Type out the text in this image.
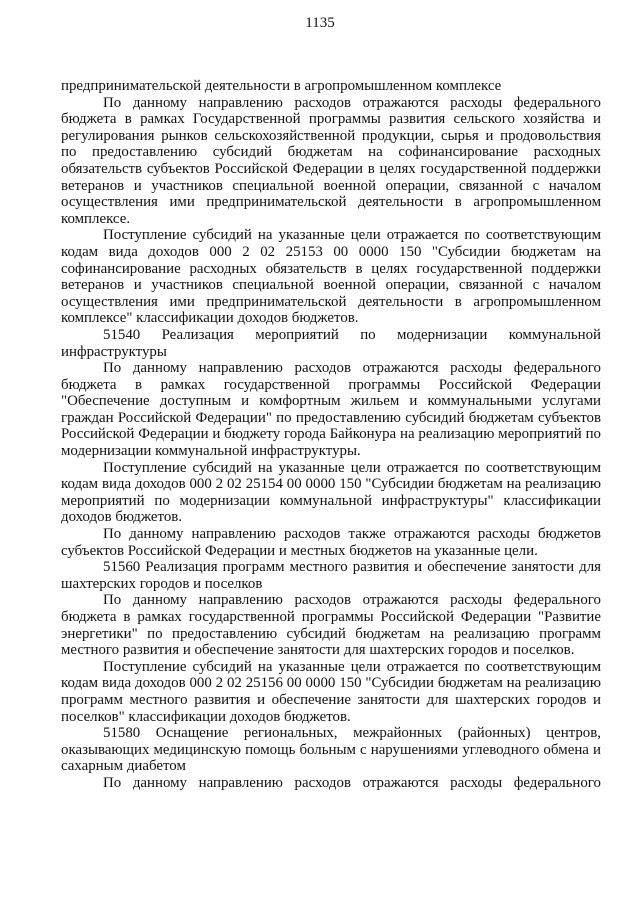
1135

предпринимательской деятельности в агропромышленном комплексе

По данному направлению расходов отражаются расходы федерального бюджета в рамках Государственной программы развития сельского хозяйства и регулирования рынков сельскохозяйственной продукции, сырья и продовольствия по предоставлению субсидий бюджетам на софинансирование расходных обязательств субъектов Российской Федерации в целях государственной поддержки ветеранов и участников специальной военной операции, связанной с началом осуществления ими предпринимательской деятельности в агропромышленном комплексе.

Поступление субсидий на указанные цели отражается по соответствующим кодам вида доходов 000 2 02 25153 00 0000 150 "Субсидии бюджетам на софинансирование расходных обязательств в целях государственной поддержки ветеранов и участников специальной военной операции, связанной с началом осуществления ими предпринимательской деятельности в агропромышленном комплексе" классификации доходов бюджетов.

51540 Реализация мероприятий по модернизации коммунальной инфраструктуры

По данному направлению расходов отражаются расходы федерального бюджета в рамках государственной программы Российской Федерации "Обеспечение доступным и комфортным жильем и коммунальными услугами граждан Российской Федерации" по предоставлению субсидий бюджетам субъектов Российской Федерации и бюджету города Байконура на реализацию мероприятий по модернизации коммунальной инфраструктуры.

Поступление субсидий на указанные цели отражается по соответствующим кодам вида доходов 000 2 02 25154 00 0000 150 "Субсидии бюджетам на реализацию мероприятий по модернизации коммунальной инфраструктуры" классификации доходов бюджетов.

По данному направлению расходов также отражаются расходы бюджетов субъектов Российской Федерации и местных бюджетов на указанные цели.

51560 Реализация программ местного развития и обеспечение занятости для шахтерских городов и поселков

По данному направлению расходов отражаются расходы федерального бюджета в рамках государственной программы Российской Федерации "Развитие энергетики" по предоставлению субсидий бюджетам на реализацию программ местного развития и обеспечение занятости для шахтерских городов и поселков.

Поступление субсидий на указанные цели отражается по соответствующим кодам вида доходов 000 2 02 25156 00 0000 150 "Субсидии бюджетам на реализацию программ местного развития и обеспечение занятости для шахтерских городов и поселков" классификации доходов бюджетов.

51580 Оснащение региональных, межрайонных (районных) центров, оказывающих медицинскую помощь больным с нарушениями углеводного обмена и сахарным диабетом

По данному направлению расходов отражаются расходы федерального
